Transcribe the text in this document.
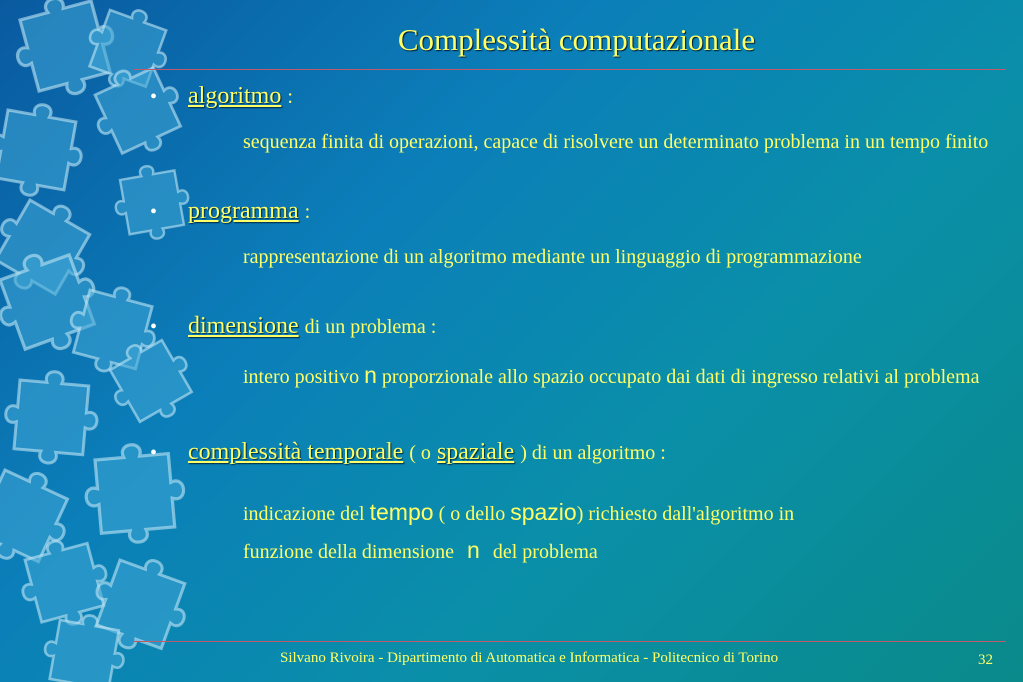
Complessità computazionale
• algoritmo :
sequenza finita di operazioni, capace di risolvere un determinato problema in un tempo finito
• programma :
rappresentazione di un algoritmo mediante un linguaggio di programmazione
• dimensione di un problema :
intero positivo n proporzionale allo spazio occupato dai dati di ingresso relativi al problema
• complessità temporale ( o spaziale ) di un algoritmo :
indicazione del tempo ( o dello spazio) richiesto dall'algoritmo in
funzione della dimensione n del problema
Silvano Rivoira - Dipartimento di Automatica e Informatica - Politecnico di Torino	32
